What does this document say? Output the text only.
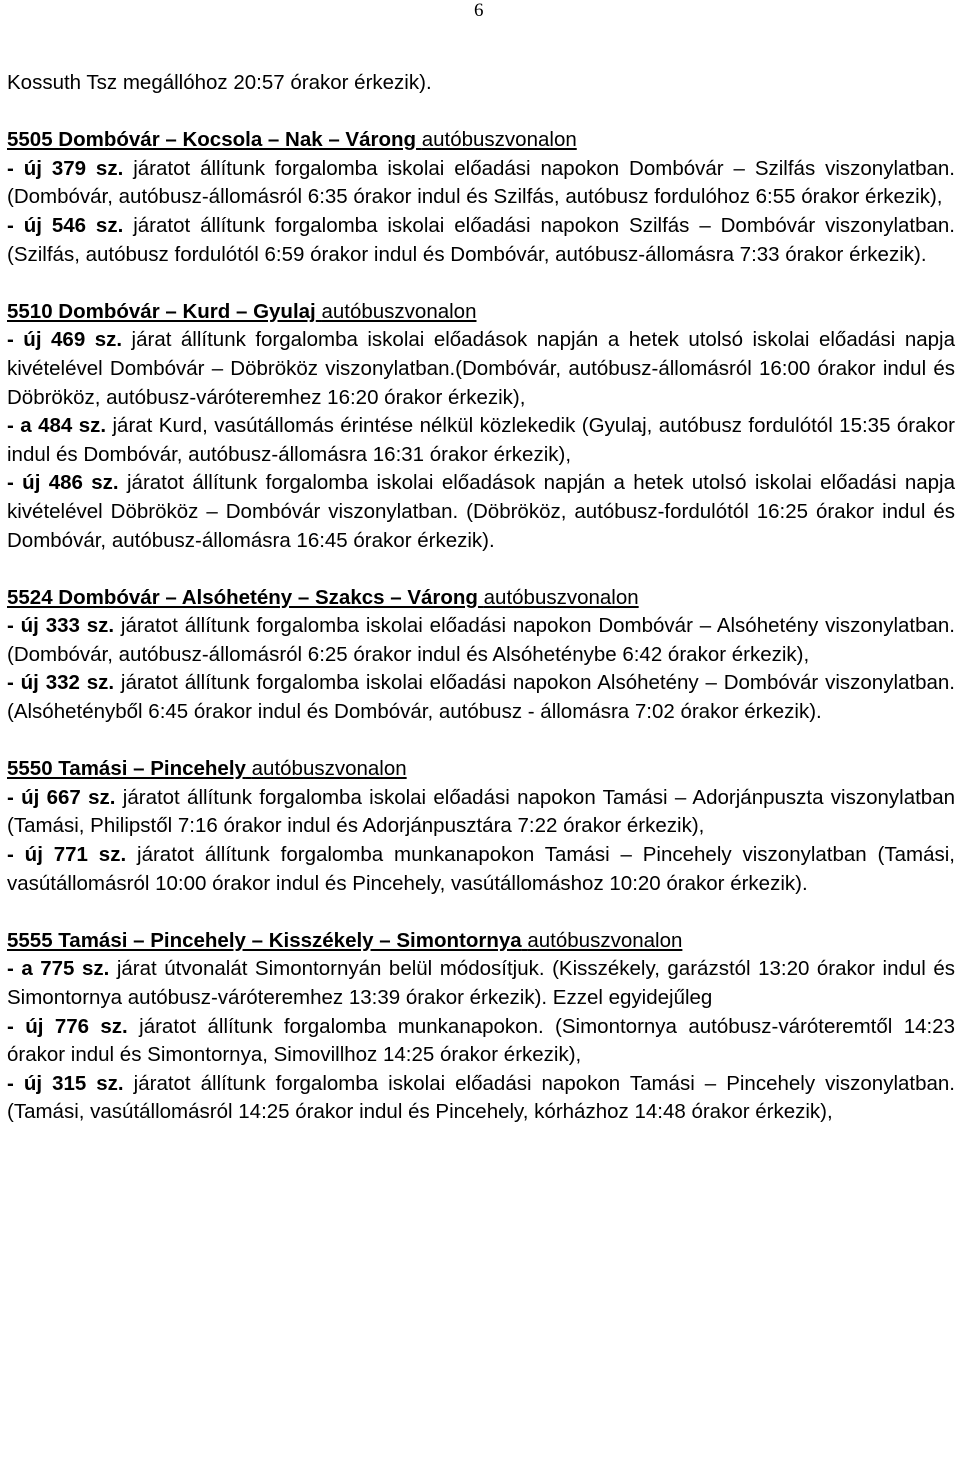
6

Kossuth Tsz megállóhoz 20:57 órakor érkezik).

5505 Dombóvár – Kocsola – Nak – Várong autóbuszvonalon

- új 379 sz. járatot állítunk forgalomba iskolai előadási napokon Dombóvár – Szilfás viszonylatban. (Dombóvár, autóbusz-állomásról 6:35 órakor indul és Szilfás, autóbusz fordulóhoz 6:55 órakor érkezik),

- új 546 sz. járatot állítunk forgalomba iskolai előadási napokon Szilfás – Dombóvár viszonylatban. (Szilfás, autóbusz fordulótól 6:59 órakor indul és Dombóvár, autóbusz-állomásra 7:33 órakor érkezik).

5510 Dombóvár – Kurd – Gyulaj autóbuszvonalon

- új 469 sz. járat állítunk forgalomba iskolai előadások napján a hetek utolsó iskolai előadási napja kivételével Dombóvár – Döbrököz viszonylatban.(Dombóvár, autóbusz-állomásról 16:00 órakor indul és Döbrököz, autóbusz-váróteremhez 16:20 órakor érkezik),

- a 484 sz. járat Kurd, vasútállomás érintése nélkül közlekedik (Gyulaj, autóbusz fordulótól 15:35 órakor indul és Dombóvár, autóbusz-állomásra 16:31 órakor érkezik),

- új 486 sz. járatot állítunk forgalomba iskolai előadások napján a hetek utolsó iskolai előadási napja kivételével Döbrököz – Dombóvár viszonylatban. (Döbrököz, autóbusz-fordulótól 16:25 órakor indul és Dombóvár, autóbusz-állomásra 16:45 órakor érkezik).

5524 Dombóvár – Alsóhetény – Szakcs – Várong autóbuszvonalon

- új 333 sz. járatot állítunk forgalomba iskolai előadási napokon Dombóvár – Alsóhetény viszonylatban. (Dombóvár, autóbusz-állomásról 6:25 órakor indul és Alsóheténybe 6:42 órakor érkezik),

- új 332 sz. járatot állítunk forgalomba iskolai előadási napokon Alsóhetény – Dombóvár viszonylatban. (Alsóhetényből 6:45 órakor indul és Dombóvár, autóbusz - állomásra 7:02 órakor érkezik).

5550 Tamási – Pincehely autóbuszvonalon

- új 667 sz. járatot állítunk forgalomba iskolai előadási napokon Tamási – Adorjánpuszta viszonylatban (Tamási, Philipstől 7:16 órakor indul és Adorjánpusztára 7:22 órakor érkezik),

- új 771 sz. járatot állítunk forgalomba munkanapokon Tamási – Pincehely viszonylatban (Tamási, vasútállomásról 10:00 órakor indul és Pincehely, vasútállomáshoz 10:20 órakor érkezik).

5555 Tamási – Pincehely – Kisszékely – Simontornya autóbuszvonalon

- a 775 sz. járat útvonalát Simontornyán belül módosítjuk. (Kisszékely, garázstól 13:20 órakor indul és Simontornya autóbusz-váróteremhez 13:39 órakor érkezik). Ezzel egyidejűleg

- új 776 sz. járatot állítunk forgalomba munkanapokon. (Simontornya autóbusz-váróteremtől 14:23 órakor indul és Simontornya, Simovillhoz 14:25 órakor érkezik),

- új 315 sz. járatot állítunk forgalomba iskolai előadási napokon Tamási – Pincehely viszonylatban. (Tamási, vasútállomásról 14:25 órakor indul és Pincehely, kórházhoz 14:48 órakor érkezik),
